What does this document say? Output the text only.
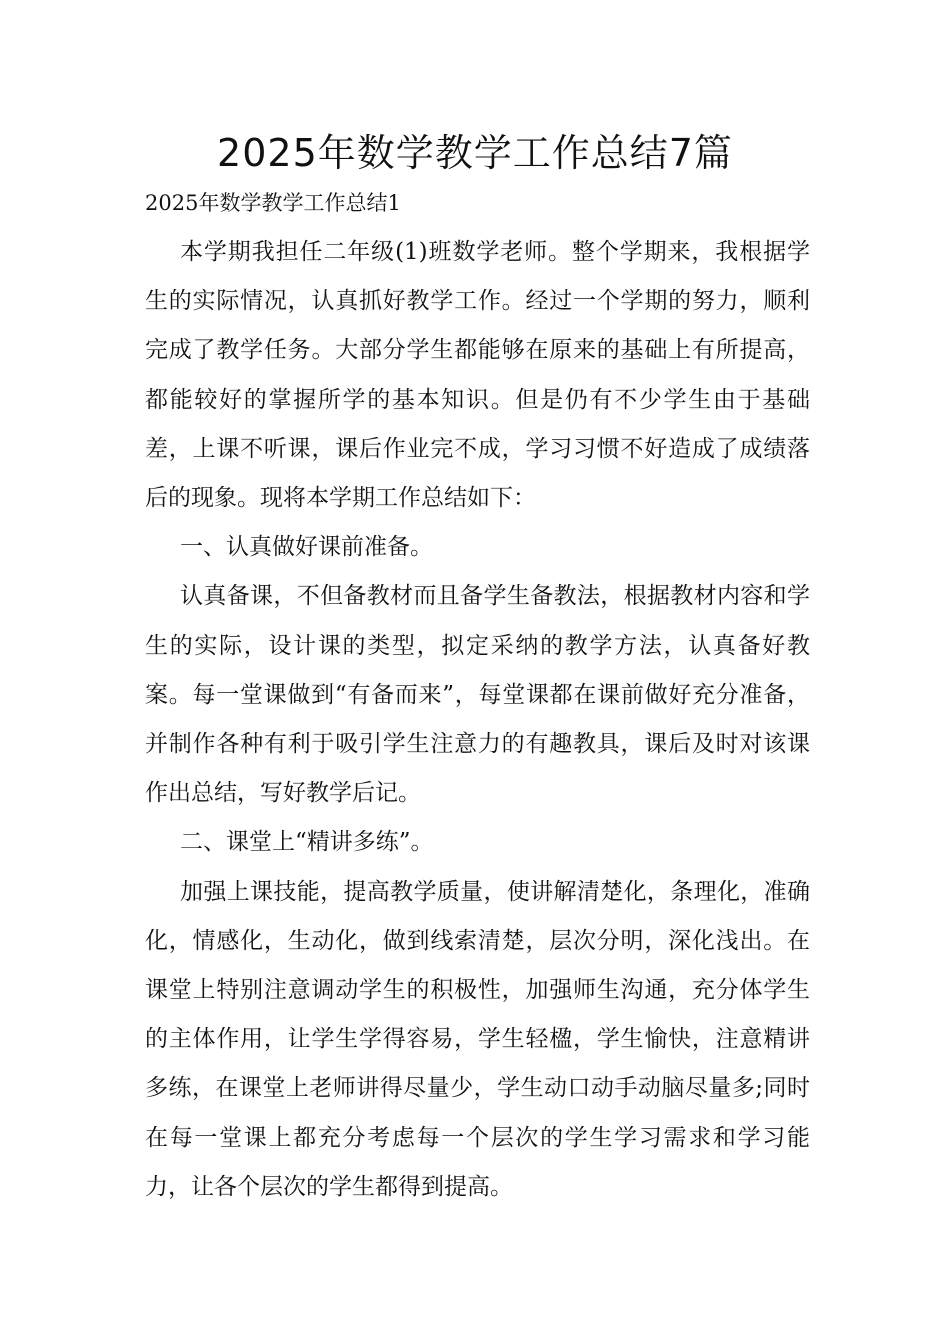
2025年数学教学工作总结7篇

2025年数学教学工作总结1

本学期我担任二年级(1)班数学老师。整个学期来，我根据学生的实际情况，认真抓好教学工作。经过一个学期的努力，顺利完成了教学任务。大部分学生都能够在原来的基础上有所提高，都能较好的掌握所学的基本知识。但是仍有不少学生由于基础差，上课不听课，课后作业完不成，学习习惯不好造成了成绩落后的现象。现将本学期工作总结如下：

一、认真做好课前准备。

认真备课，不但备教材而且备学生备教法，根据教材内容和学生的实际，设计课的类型，拟定采纳的教学方法，认真备好教案。每一堂课做到“有备而来”，每堂课都在课前做好充分准备，并制作各种有利于吸引学生注意力的有趣教具，课后及时对该课作出总结，写好教学后记。

二、课堂上“精讲多练”。

加强上课技能，提高教学质量，使讲解清楚化，条理化，准确化，情感化，生动化，做到线索清楚，层次分明，深化浅出。在课堂上特别注意调动学生的积极性，加强师生沟通，充分体学生的主体作用，让学生学得容易，学生轻楹，学生愉快，注意精讲多练，在课堂上老师讲得尽量少，学生动口动手动脑尽量多;同时在每一堂课上都充分考虑每一个层次的学生学习需求和学习能力，让各个层次的学生都得到提高。
